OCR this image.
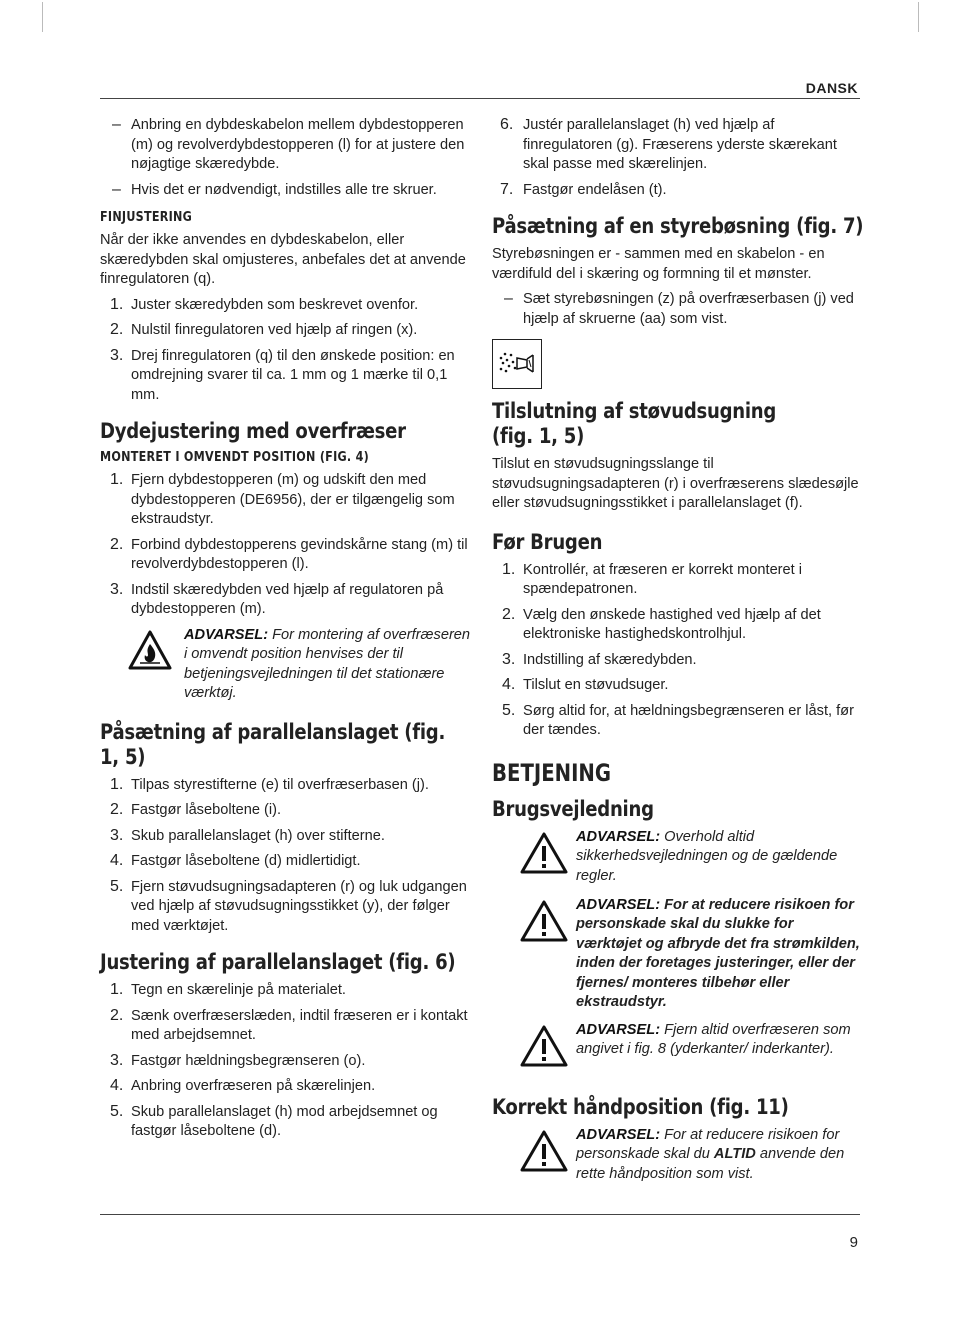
DANSK
– Anbring en dybdeskabelon mellem dybdestopperen (m) og revolverdybdestopperen (l) for at justere den nøjagtige skæredybde.

– Hvis det er nødvendigt, indstilles alle tre skruer.

FINJUSTERING

Når der ikke anvendes en dybdeskabelon, eller skæredybden skal omjusteres, anbefales det at anvende finregulatoren (q).

1. Juster skæredybden som beskrevet ovenfor.

2. Nulstil finregulatoren ved hjælp af ringen (x).

3. Drej finregulatoren (q) til den ønskede position: en omdrejning svarer til ca. 1 mm og 1 mærke til 0,1 mm.

Dydejustering med overfræser
MONTERET I OMVENDT POSITION (FIG. 4)
1. Fjern dybdestopperen (m) og udskift den med dybdestopperen (DE6956), der er tilgængelig som ekstraudstyr.

2. Forbind dybdestopperens gevindskårne stang (m) til revolverdybdestopperen (l).

3. Indstil skæredybden ved hjælp af regulatoren på dybdestopperen (m).

ADVARSEL: For montering af overfræseren i omvendt position henvises der til betjeningsvejledningen til det stationære værktøj.

Påsætning af parallelanslaget (fig. 1, 5)
1. Tilpas styrestifterne (e) til overfræserbasen (j).

2. Fastgør låseboltene (i).

3. Skub parallelanslaget (h) over stifterne.

4. Fastgør låseboltene (d) midlertidigt.

5. Fjern støvudsugningsadapteren (r) og luk udgangen ved hjælp af støvudsugningsstikket (y), der følger med værktøjet.

Justering af parallelanslaget (fig. 6)
1. Tegn en skærelinje på materialet.

2. Sænk overfræserslæden, indtil fræseren er i kontakt med arbejdsemnet.

3. Fastgør hældningsbegrænseren (o).

4. Anbring overfræseren på skærelinjen.

5. Skub parallelanslaget (h) mod arbejdsemnet og fastgør låseboltene (d).

6. Justér parallelanslaget (h) ved hjælp af finregulatoren (g). Fræserens yderste skærekant skal passe med skærelinjen.

7. Fastgør endelåsen (t).

Påsætning af en styrebøsning (fig. 7)

Styrebøsningen er - sammen med en skabelon - en værdifuld del i skæring og formning til et mønster.

– Sæt styrebøsningen (z) på overfræserbasen (j) ved hjælp af skruerne (aa) som vist.

Tilslutning af støvudsugning (fig. 1, 5)

Tilslut en støvudsugningsslange til støvudsugningsadapteren (r) i overfræserens slædesøjle eller støvudsugningsstikket i parallelanslaget (f).

Før Brugen
1. Kontrollér, at fræseren er korrekt monteret i spændepatronen.

2. Vælg den ønskede hastighed ved hjælp af det elektroniske hastighedskontrolhjul.

3. Indstilling af skæredybden.

4. Tilslut en støvudsuger.

5. Sørg altid for, at hældningsbegrænseren er låst, før der tændes.

BETJENING
Brugsvejledning

ADVARSEL: Overhold altid sikkerhedsvejledningen og de gældende regler.

ADVARSEL: For at reducere risikoen for personskade skal du slukke for værktøjet og afbryde det fra strømkilden, inden der foretages justeringer, eller der fjernes/ monteres tilbehør eller ekstraudstyr.

ADVARSEL: Fjern altid overfræseren som angivet i fig. 8 (yderkanter/ inderkanter).

Korrekt håndposition (fig. 11)

ADVARSEL: For at reducere risikoen for personskade skal du ALTID anvende den rette håndposition som vist.

9
